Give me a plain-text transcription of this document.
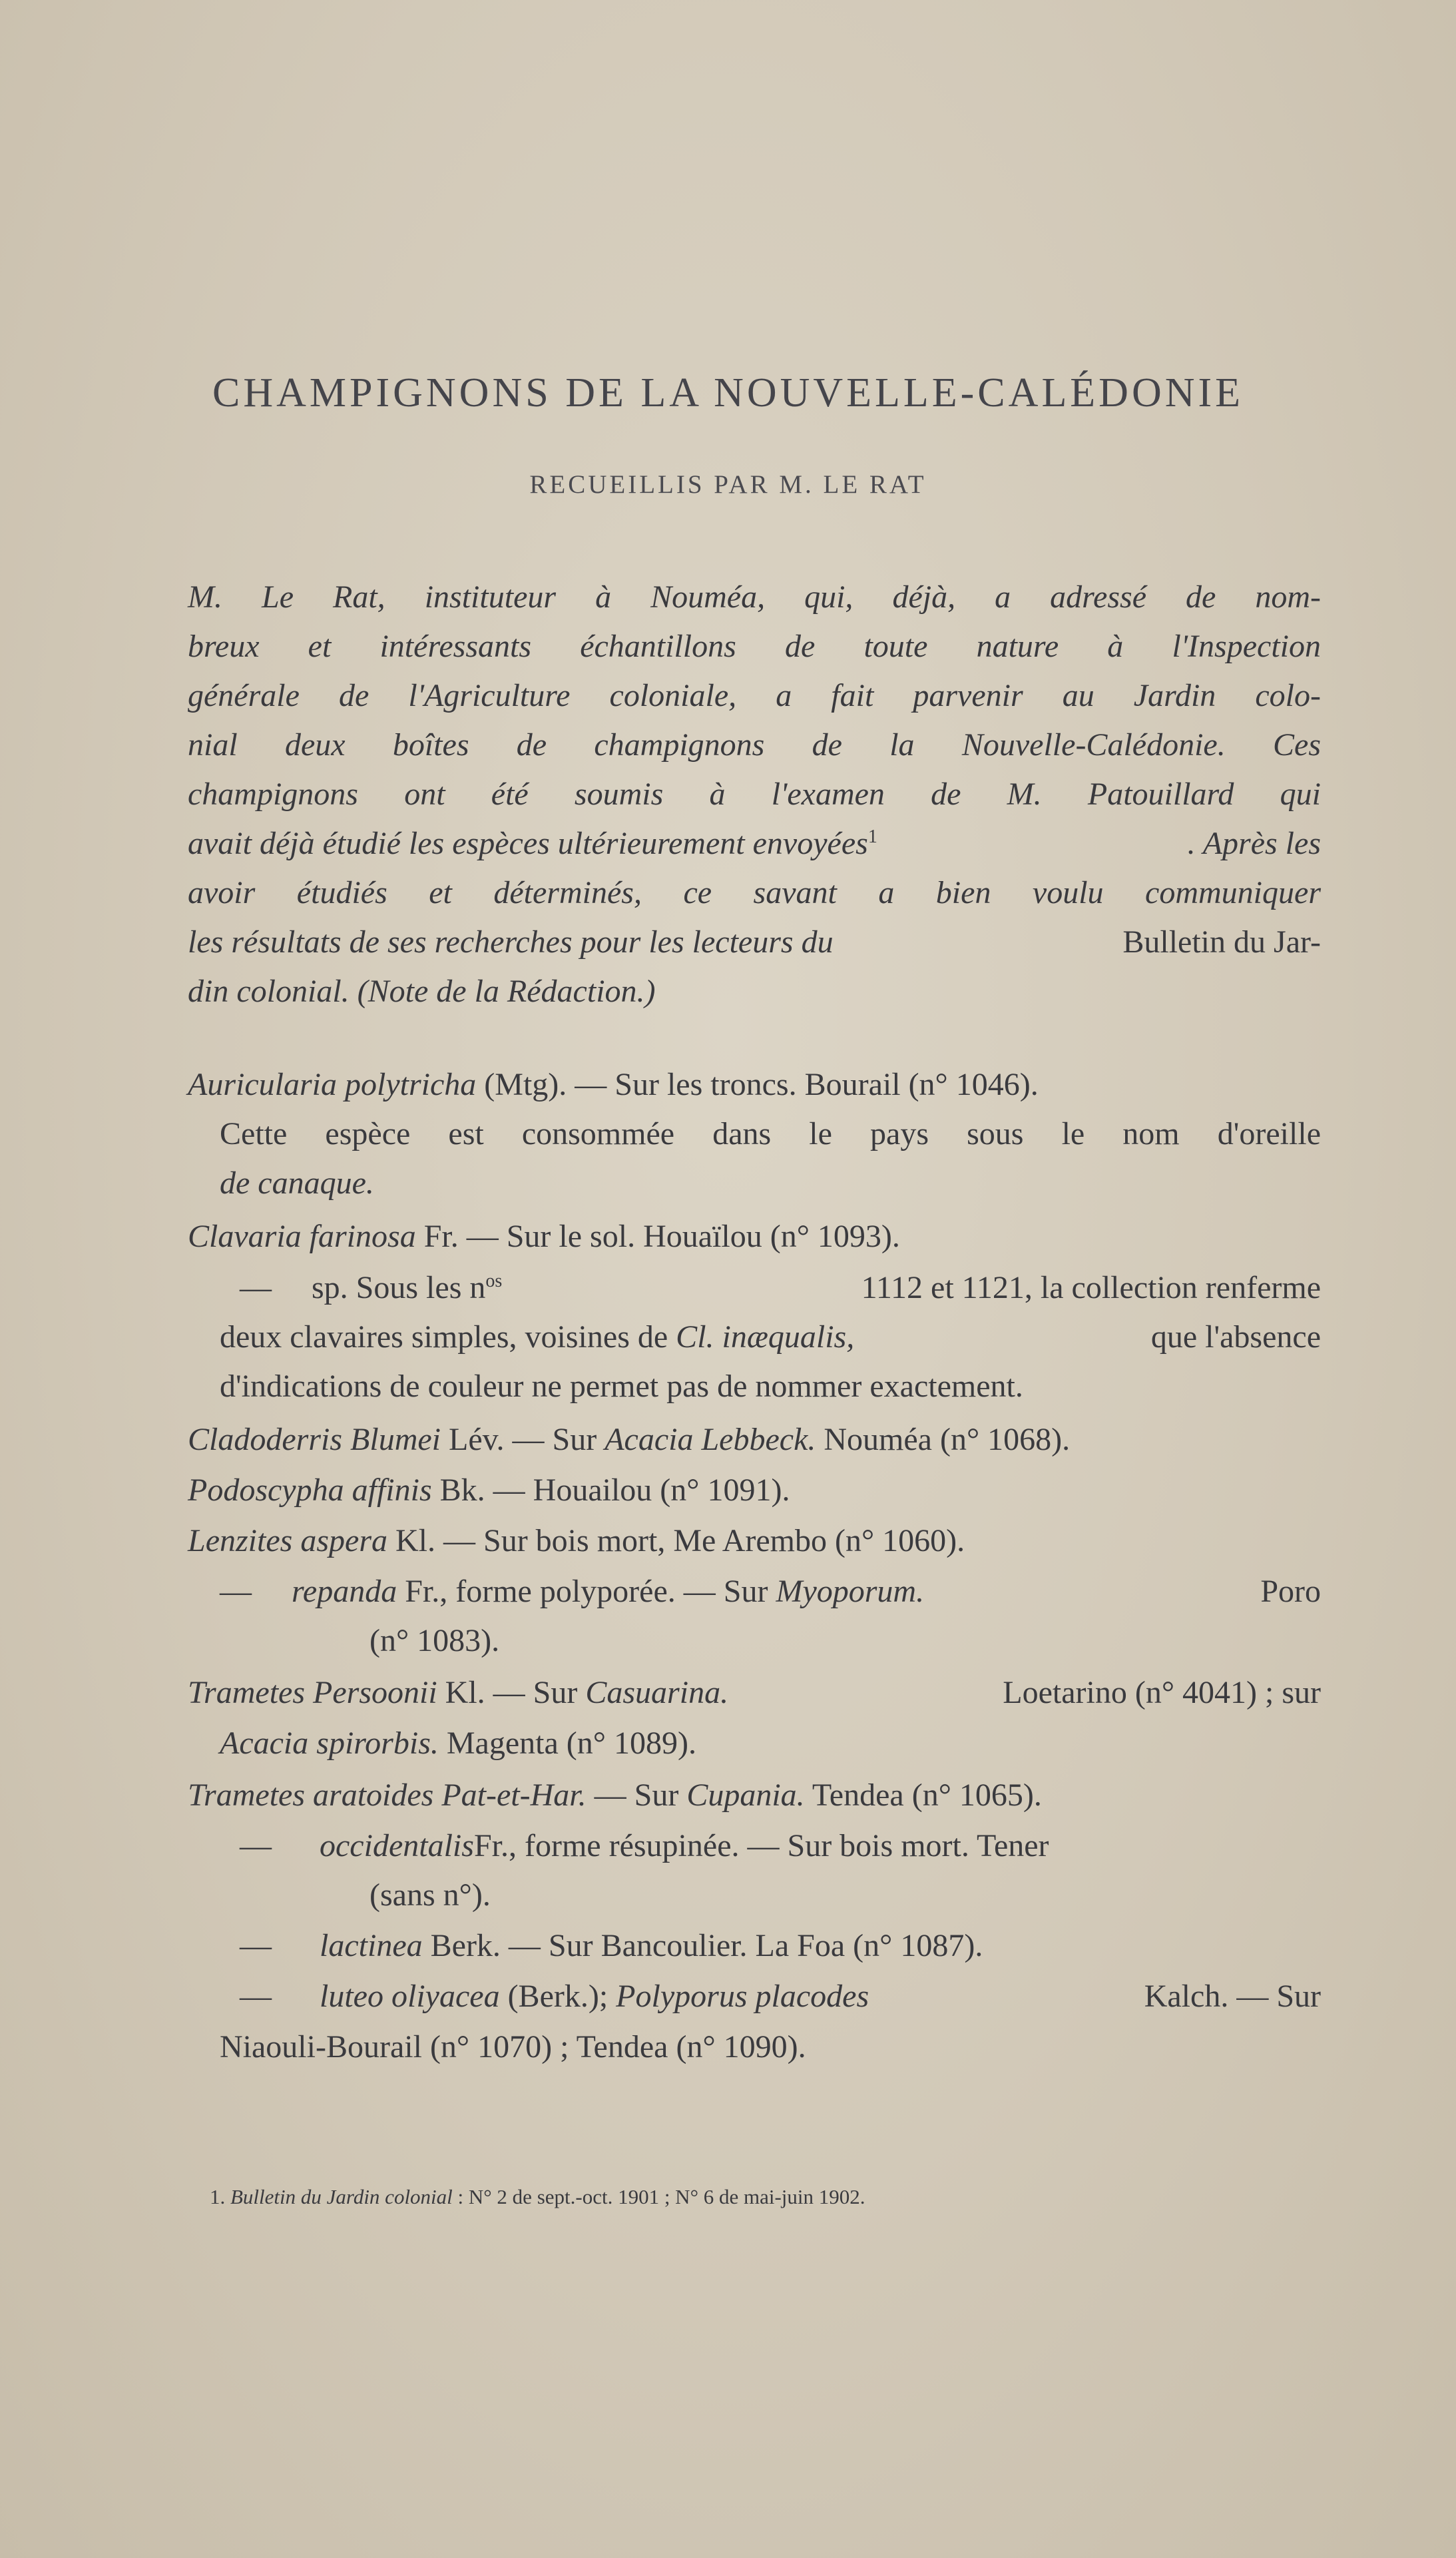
CHAMPIGNONS DE LA NOUVELLE-CALÉDONIE
RECUEILLIS PAR M. LE RAT
M. Le Rat, instituteur à Nouméa, qui, déjà, a adressé de nom-
breux et intéressants échantillons de toute nature à l'Inspection
générale de l'Agriculture coloniale, a fait parvenir au Jardin colo-
nial deux boîtes de champignons de la Nouvelle-Calédonie. Ces
champignons ont été soumis à l'examen de M. Patouillard qui
avait déjà étudié les espèces ultérieurement envoyées$^1$	. Après les
avoir étudiés et déterminés, ce savant a bien voulu communiquer
les résultats de ses recherches pour les lecteurs du	Bulletin du Jar-
din colonial. (Note de la Rédaction.)
Auricularia polytricha (Mtg). — Sur les troncs. Bourail (n° 1046).
Cette espèce est consommée dans le pays sous le nom d'oreille
de canaque.
Clavaria farinosa Fr. — Sur le sol. Houaïlou (n° 1093).
— sp. Sous les $n^{os}$	1112 et 1121, la collection renferme
deux clavaires simples, voisines de Cl. inæqualis,	que l'absence
d'indications de couleur ne permet pas de nommer exactement.
Cladoderris Blumei Lév. — Sur Acacia Lebbeck. Nouméa (n° 1068).
Podoscypha affinis Bk. — Houailou (n° 1091).
Lenzites aspera Kl. — Sur bois mort, Me Arembo (n° 1060).
— repanda Fr., forme polyporée. — Sur Myoporum.	Poro
(n° 1083).
Trametes Persoonii Kl. — Sur Casuarina.	Loetarino (n° 4041) ; sur
Acacia spirorbis. Magenta (n° 1089).
Trametes aratoides Pat-et-Har. — Sur Cupania. Tendea (n° 1065).
— occidentalisFr., forme résupinée. — Sur bois mort. Tener
(sans n°).
— lactinea Berk. — Sur Bancoulier. La Foa (n° 1087).
— luteo oliyacea (Berk.); Polyporus placodes	Kalch. — Sur
Niaouli-Bourail (n° 1070) ; Tendea (n° 1090).
1. Bulletin du Jardin colonial : N° 2 de sept.-oct. 1901 ; N° 6 de mai-juin 1902.
